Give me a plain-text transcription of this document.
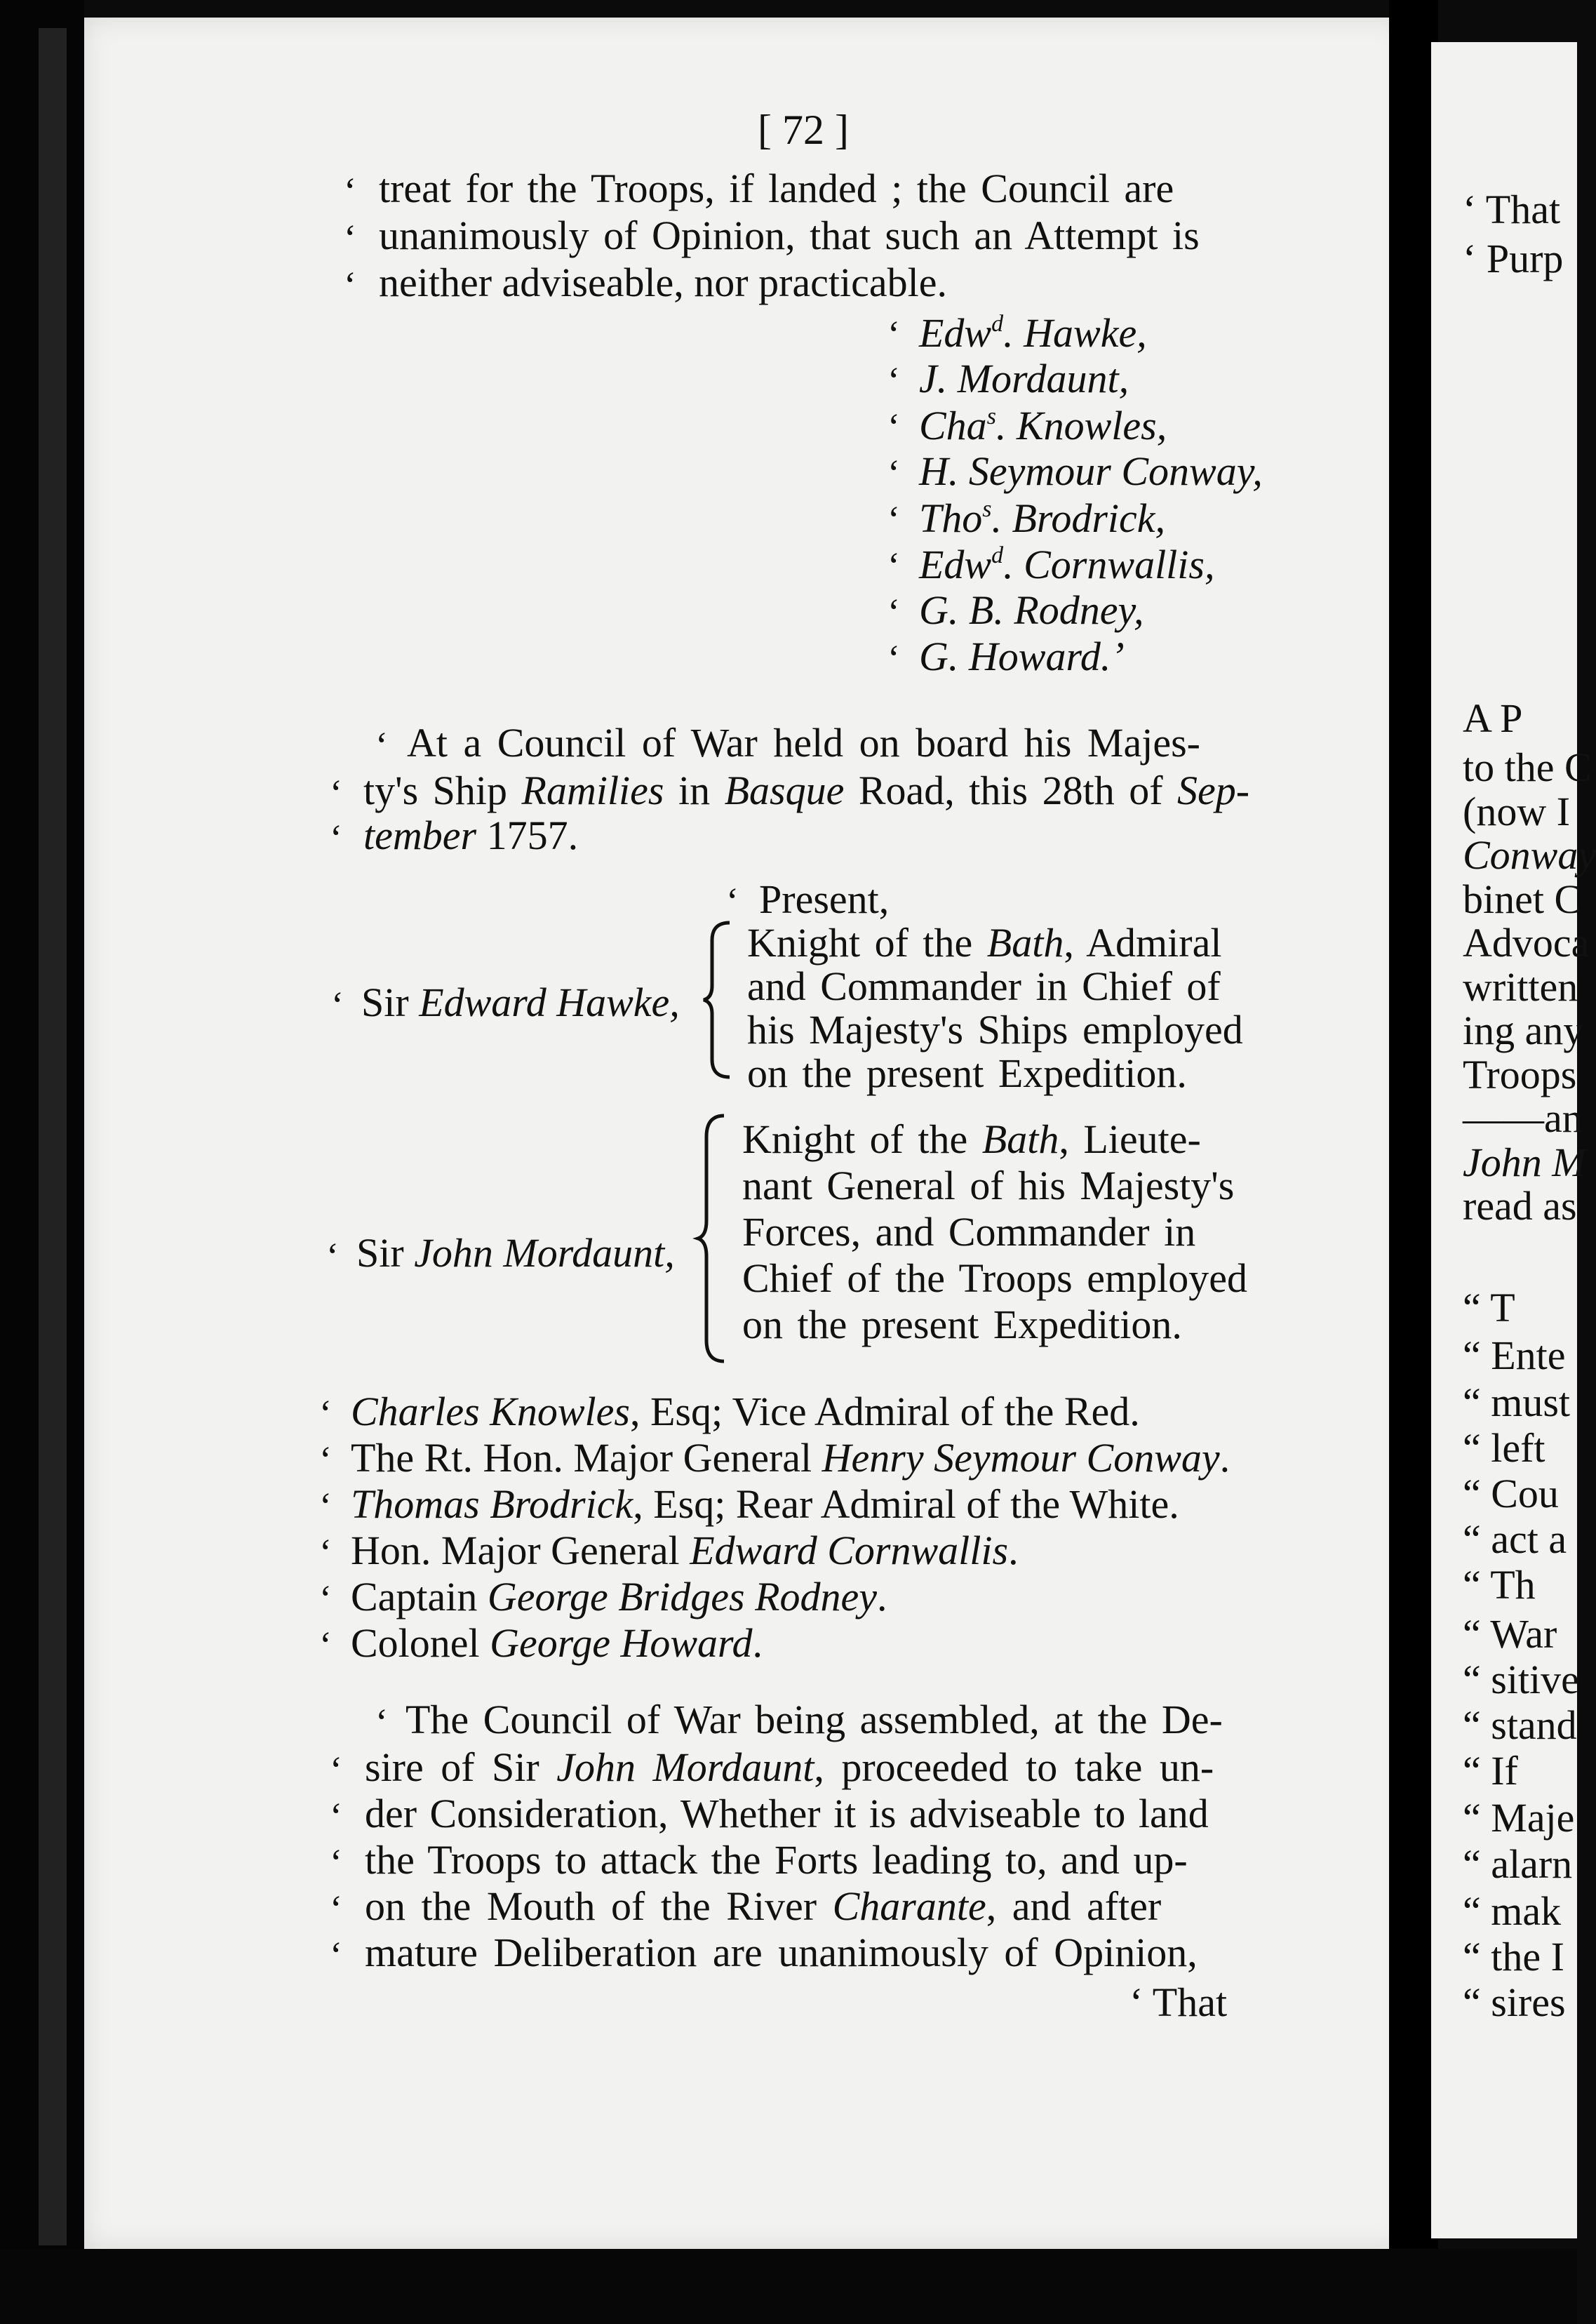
[ 72 ]
‘ treat for the Troops, if landed ; the Council are
‘ unanimously of Opinion, that such an Attempt is
‘ neither adviseable, nor practicable.
‘ At a Council of War held on board his Majes-
‘ ty's Ship Ramilies in Basque Road, this 28th of Sep-
‘ tember 1757.
‘ Present,
‘ Sir Edward Hawke,
‘ Sir John Mordaunt,
‘ The Council of War being assembled, at the De-
‘ sire of Sir John Mordaunt, proceeded to take un-
‘ der Consideration, Whether it is adviseable to land
‘ the Troops to attack the Forts leading to, and up-
‘ on the Mouth of the River Charante, and after
‘ mature Deliberation are unanimously of Opinion,
‘ That
‘ Edw$^d$. Hawke,
‘ J. Mordaunt,
‘ Cha$^s$. Knowles,
‘ H. Seymour Conway,
‘ Tho$^s$. Brodrick,
‘ Edw$^d$. Cornwallis,
‘ G. B. Rodney,
‘ G. Howard.’
Knight of the Bath, Admiral
and Commander in Chief of
his Majesty's Ships employed
on the present Expedition.
Knight of the Bath, Lieute-
nant General of his Majesty's
Forces, and Commander in
Chief of the Troops employed
on the present Expedition.
‘ Charles Knowles, Esq; Vice Admiral of the Red.
‘ The Rt. Hon. Major General Henry Seymour Conway.
‘ Thomas Brodrick, Esq; Rear Admiral of the White.
‘ Hon. Major General Edward Cornwallis.
‘ Captain George Bridges Rodney.
‘ Colonel George Howard.
‘ That
‘ Purp
A P
to the C
(now I
Conway
binet C
Advoca
written
ing any
Troops
——an
John M
read as
“ T
“ Ente
“ must
“ left
“ Cou
“ act a
“ Th
“ War
“ sitive
“ stand
“ If
“ Maje
“ alarn
“ mak
“ the I
“ sires
